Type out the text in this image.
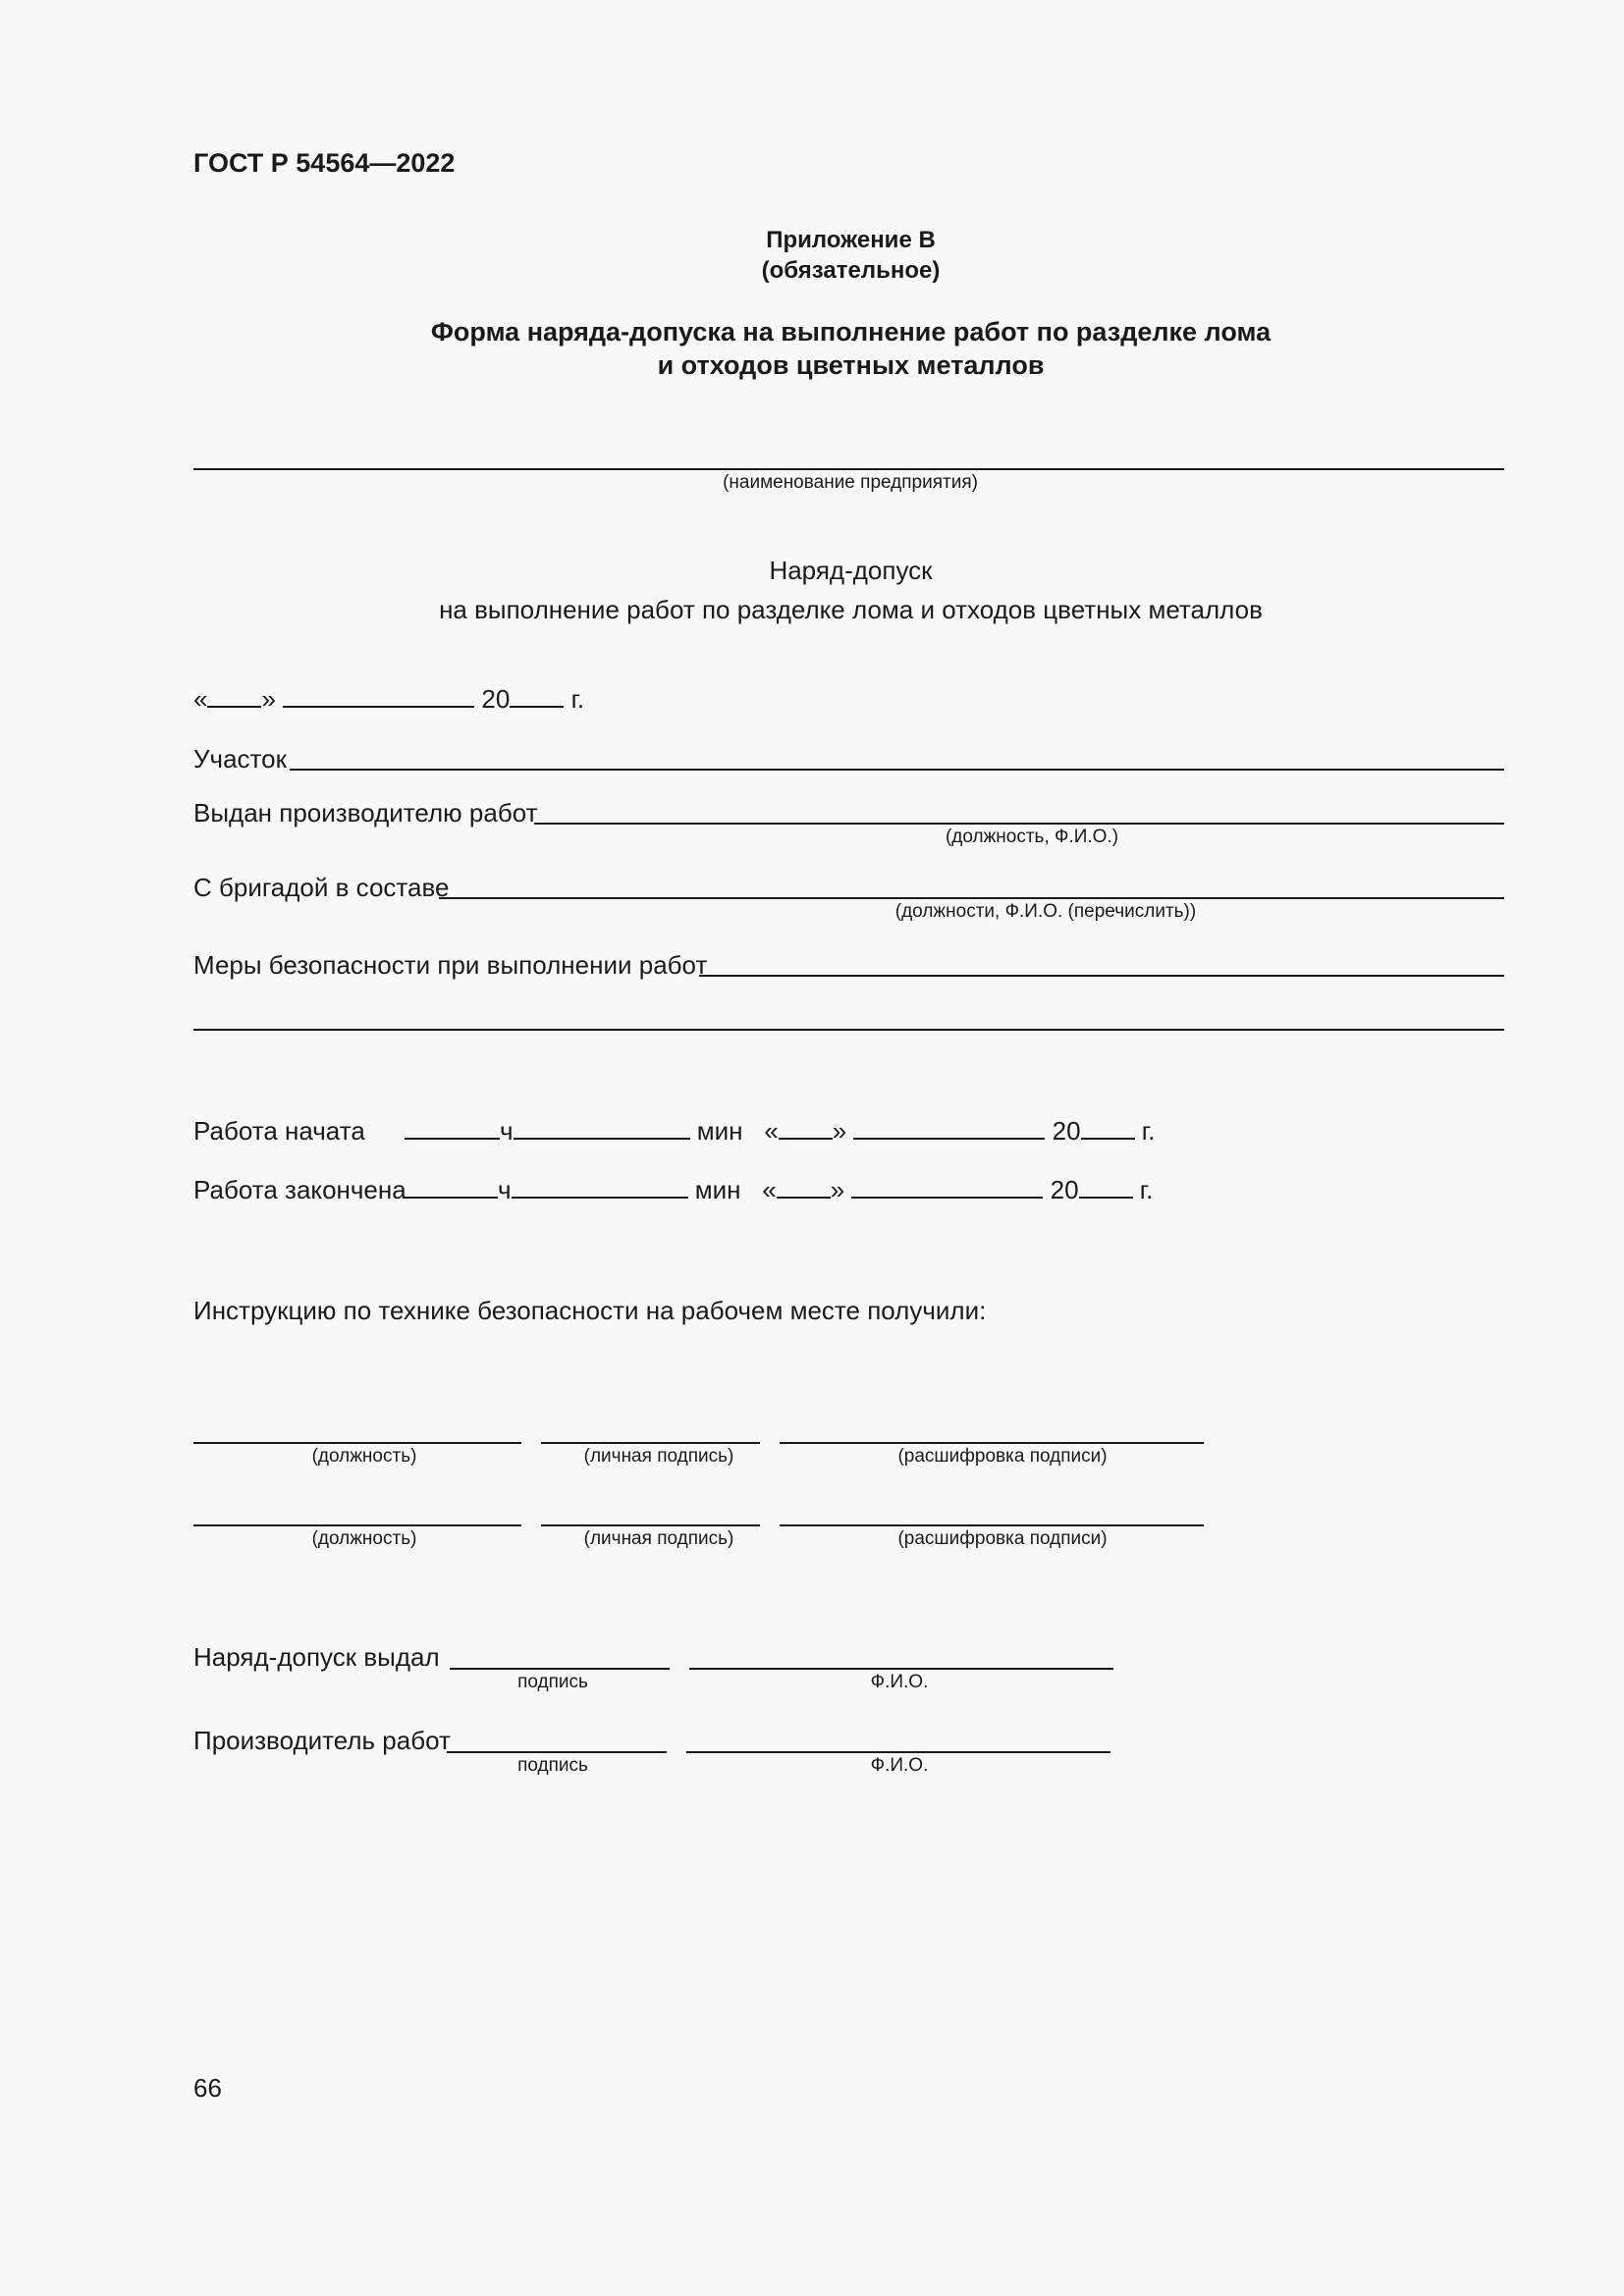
ГОСТ Р 54564—2022
Приложение В
(обязательное)
Форма наряда-допуска на выполнение работ по разделке лома
и отходов цветных металлов
(наименование предприятия)
Наряд-допуск
на выполнение работ по разделке лома и отходов цветных металлов
« »	20 г.
Участок
Выдан производителю работ
(должность, Ф.И.О.)
С бригадой в составе
(должности, Ф.И.О. (перечислить))
Меры безопасности при выполнении работ
Работа начата	ч	мин « »	20 г.
Работа закончена	ч	мин « »	20 г.
Инструкцию по технике безопасности на рабочем месте получили:
(должность)	(личная подпись)	(расшифровка подписи)
(должность)	(личная подпись)	(расшифровка подписи)
Наряд-допуск выдал
подпись	Ф.И.О.
Производитель работ
подпись	Ф.И.О.
66
